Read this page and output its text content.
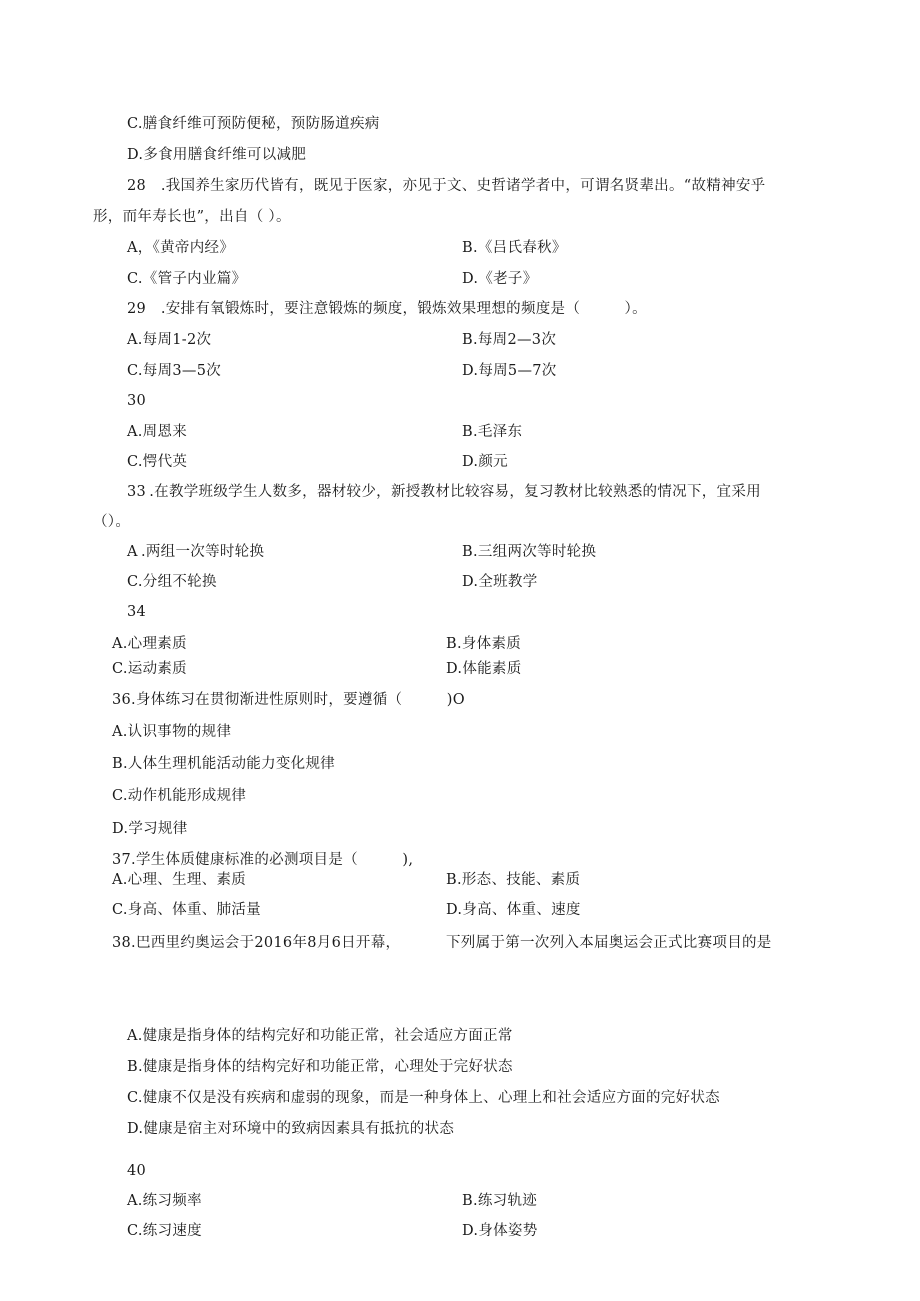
C.膳食纤维可预防便秘，预防肠道疾病
D.多食用膳食纤维可以减肥
28　.我国养生家历代皆有，既见于医家，亦见于文、史哲诸学者中，可谓名贤辈出。“故精神安乎
形，而年寿长也”，出自（ ）。
A，《黄帝内经》	B.《吕氏春秋》
C.《管子内业篇》	D.《老子》
29　.安排有氧锻炼时，要注意锻炼的频度，锻炼效果理想的频度是（　　　）。
A.每周1-2次	B.每周2—3次
C.每周3—5次	D.每周5—7次
30
A.周恩来	B.毛泽东
C.愕代英	D.颜元
33 .在教学班级学生人数多，器材较少，新授教材比较容易，复习教材比较熟悉的情况下，宜采用
（）。
A .两组一次等时轮换	B.三组两次等时轮换
C.分组不轮换	D.全班教学
34
A.心理素质	B.身体素质
C.运动素质	D.体能素质
36.身体练习在贯彻渐进性原则时，要遵循（　　　)O
A.认识事物的规律
B.人体生理机能活动能力变化规律
C.动作机能形成规律
D.学习规律
37.学生体质健康标准的必测项目是（　　　),
A.心理、生理、素质	B.形态、技能、素质
C.身高、体重、肺活量	D.身高、体重、速度
38.巴西里约奥运会于2016年8月6日开幕，	下列属于第一次列入本届奥运会正式比赛项目的是
A.健康是指身体的结构完好和功能正常，社会适应方面正常
B.健康是指身体的结构完好和功能正常，心理处于完好状态
C.健康不仅是没有疾病和虚弱的现象，而是一种身体上、心理上和社会适应方面的完好状态
D.健康是宿主对环境中的致病因素具有抵抗的状态
40
A.练习频率	B.练习轨迹
C.练习速度	D.身体姿势
